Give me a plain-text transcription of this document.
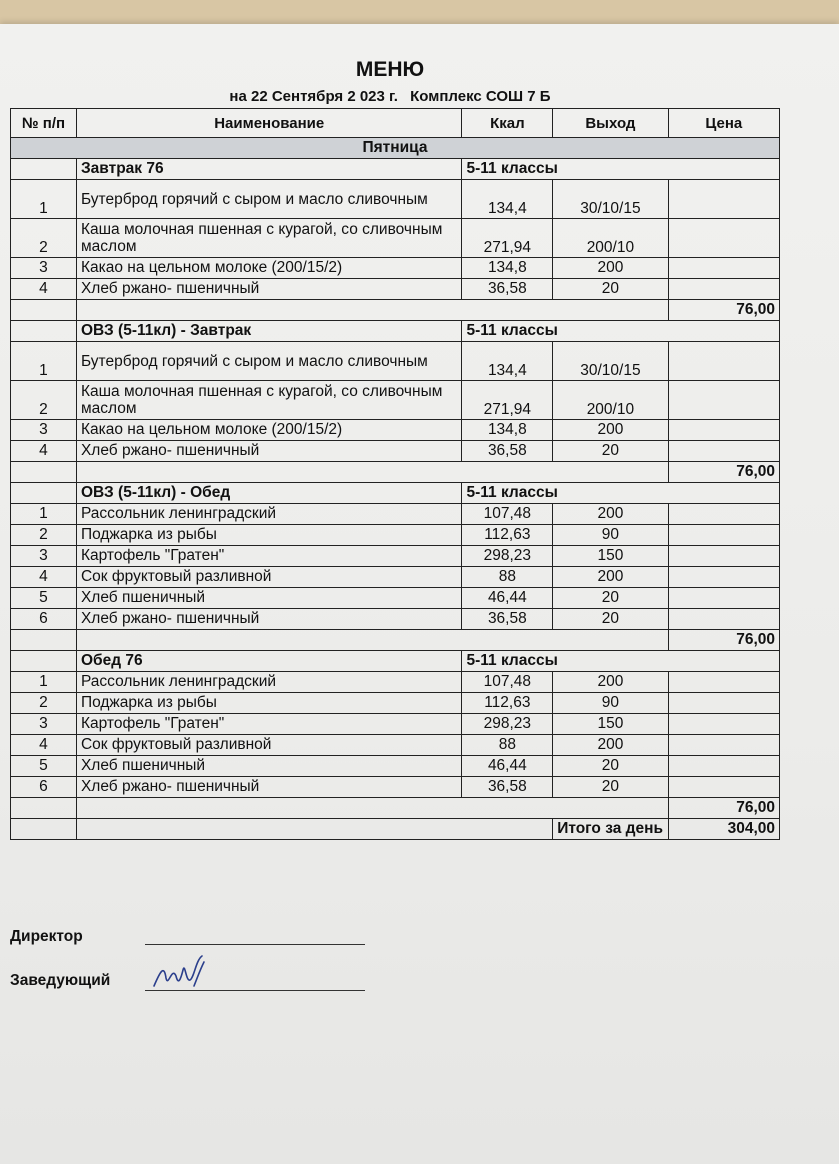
МЕНЮ
на 22 Сентября 2 023 г. Комплекс СОШ 7 Б
№ п/п	Наименование	Ккал	Выход	Цена
Пятница				
	Завтрак 76	5-11 классы		
1	Бутерброд горячий с сыром и масло сливочным	134,4	30/10/15	
2	Каша молочная пшенная с курагой, со сливочным маслом	271,94	200/10	
3	Какао на цельном молоке (200/15/2)	134,8	200	
4	Хлеб ржано- пшеничный	36,58	20	
				76,00
	ОВЗ (5-11кл) - Завтрак	5-11 классы		
1	Бутерброд горячий с сыром и масло сливочным	134,4	30/10/15	
2	Каша молочная пшенная с курагой, со сливочным маслом	271,94	200/10	
3	Какао на цельном молоке (200/15/2)	134,8	200	
4	Хлеб ржано- пшеничный	36,58	20	
				76,00
	ОВЗ (5-11кл) - Обед	5-11 классы		
1	Рассольник ленинградский	107,48	200	
2	Поджарка из рыбы	112,63	90	
3	Картофель "Гратен"	298,23	150	
4	Сок фруктовый разливной	88	200	
5	Хлеб пшеничный	46,44	20	
6	Хлеб ржано- пшеничный	36,58	20	
				76,00
	Обед 76	5-11 классы		
1	Рассольник ленинградский	107,48	200	
2	Поджарка из рыбы	112,63	90	
3	Картофель "Гратен"	298,23	150	
4	Сок фруктовый разливной	88	200	
5	Хлеб пшеничный	46,44	20	
6	Хлеб ржано- пшеничный	36,58	20	
				76,00
			Итого за день	304,00
Директор
Заведующий
